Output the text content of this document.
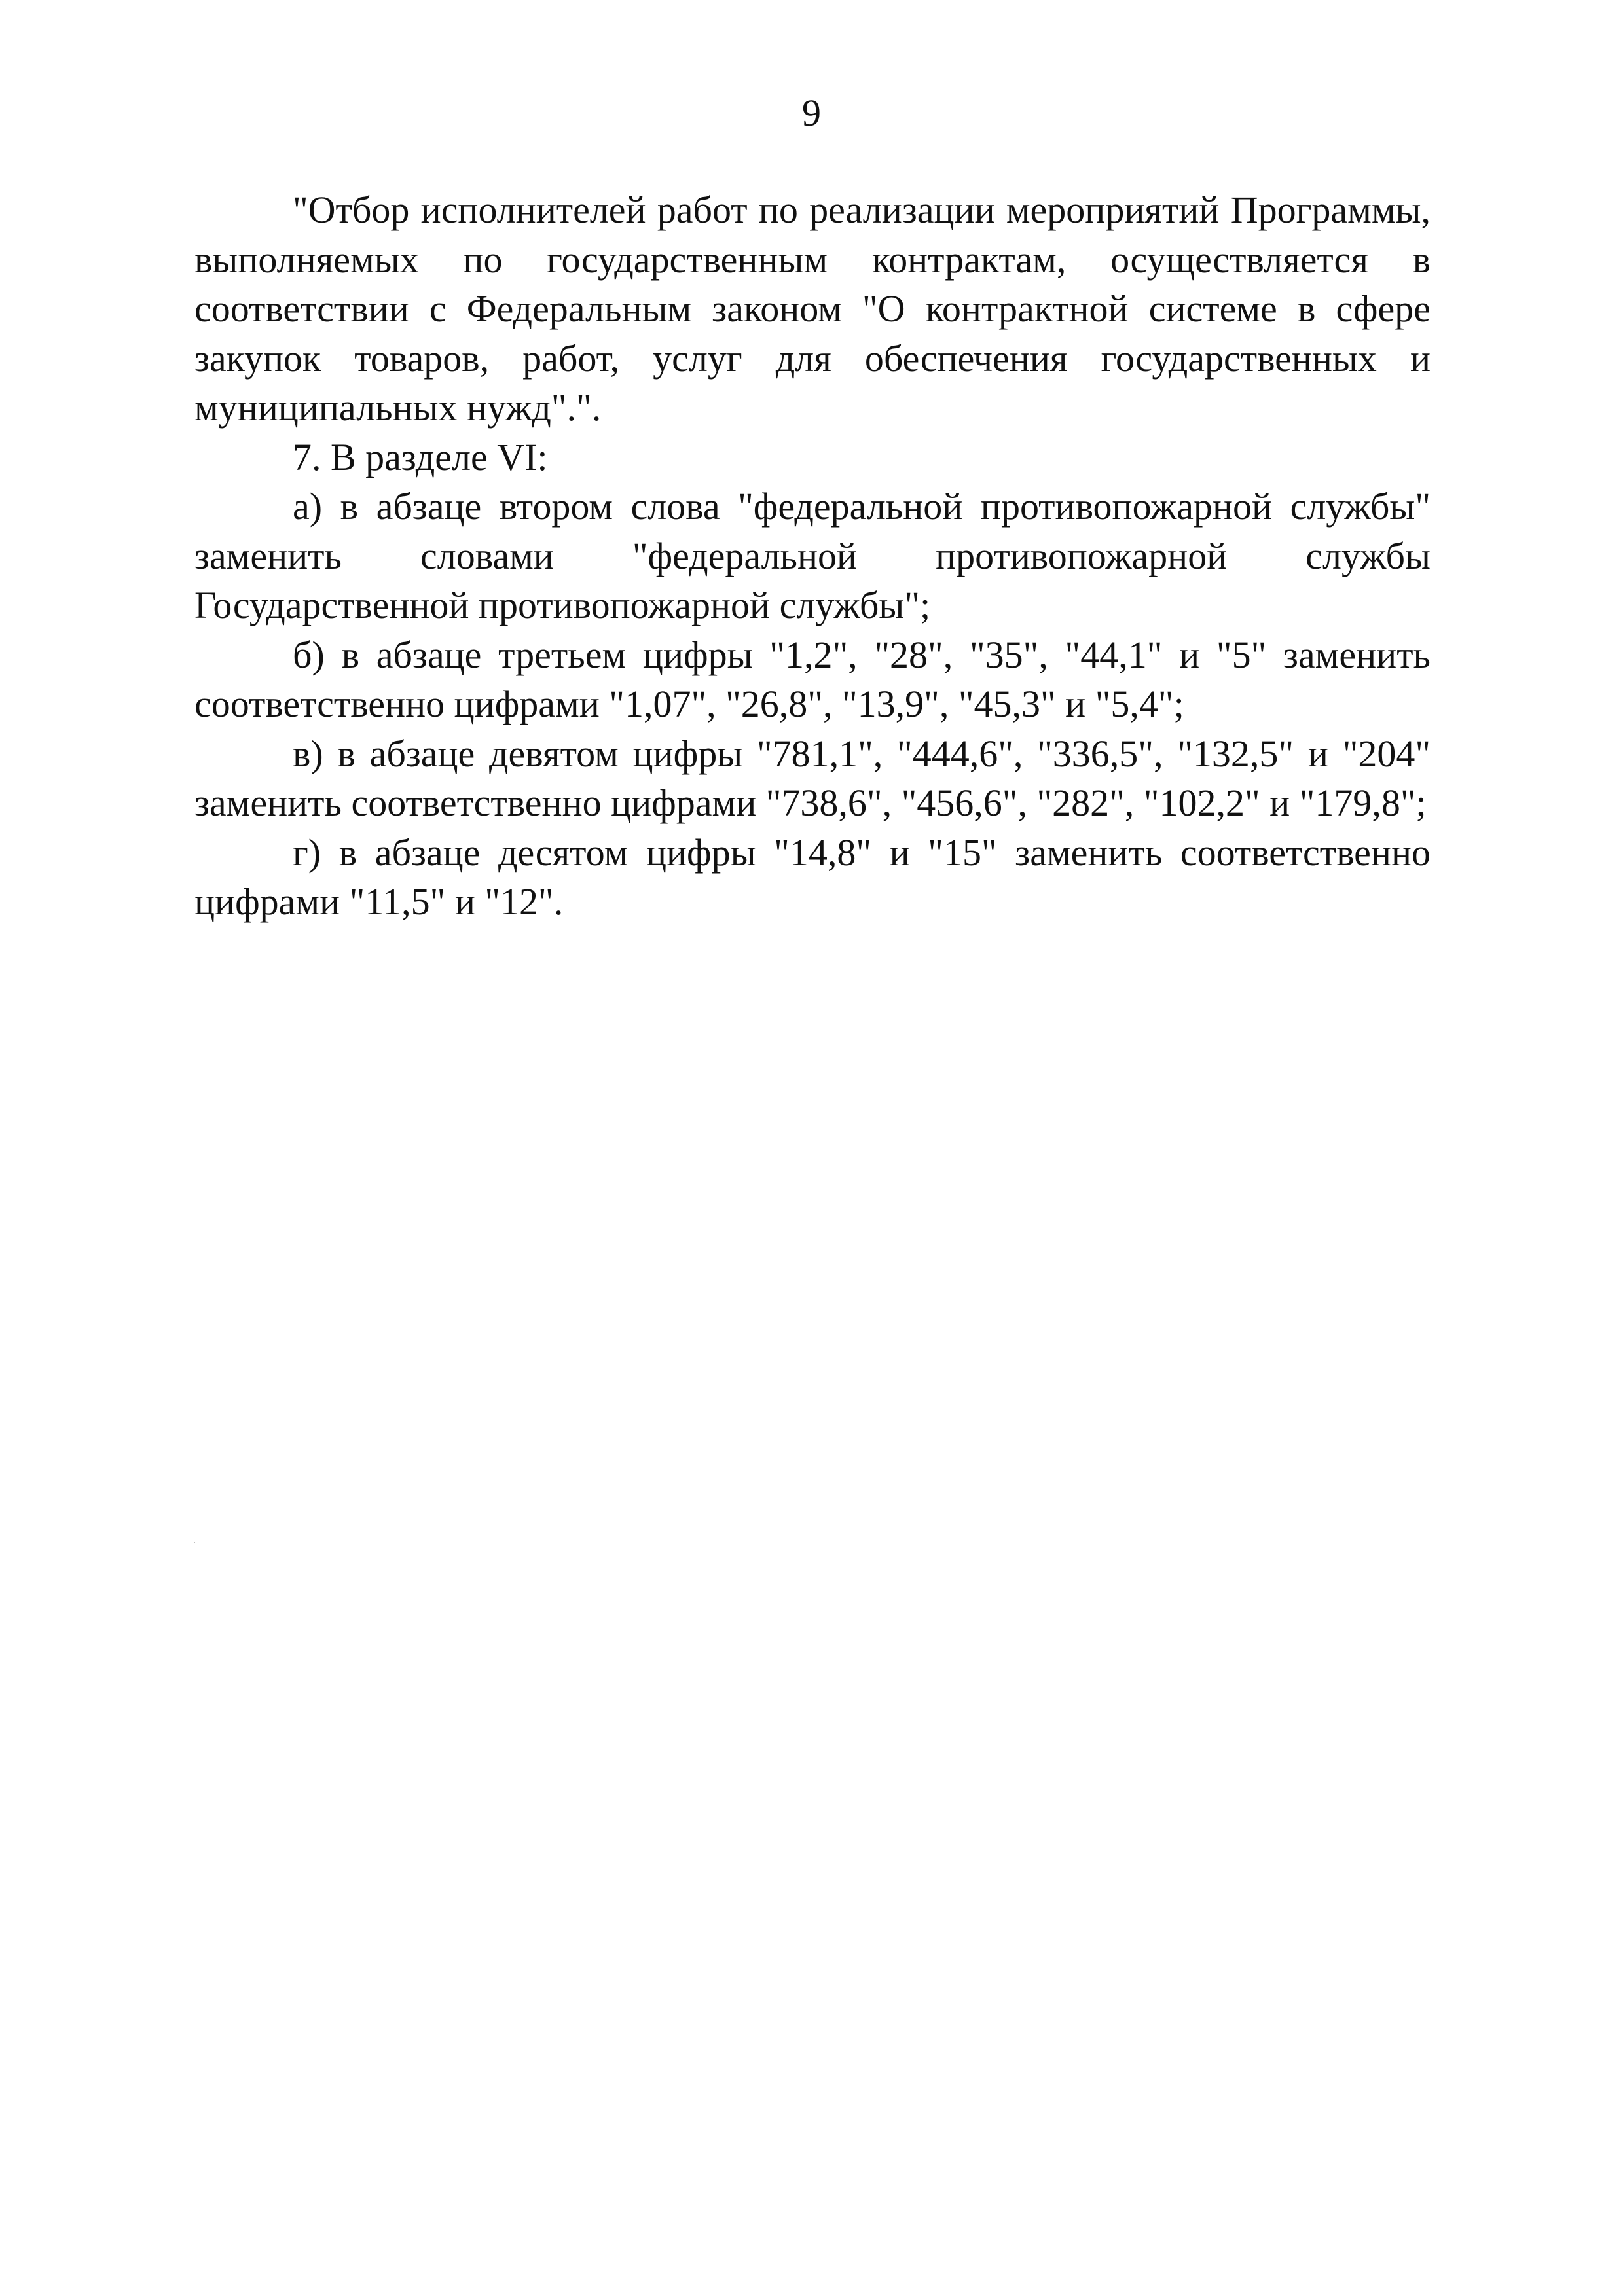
9

"Отбор исполнителей работ по реализации мероприятий Программы, выполняемых по государственным контрактам, осуществляется в соответствии с Федеральным законом "О контрактной системе в сфере закупок товаров, работ, услуг для обеспечения государственных и муниципальных нужд".".

7. В разделе VI:

а) в абзаце втором слова "федеральной противопожарной службы" заменить словами "федеральной противопожарной службы Государственной противопожарной службы";

б) в абзаце третьем цифры "1,2", "28", "35", "44,1" и "5" заменить соответственно цифрами "1,07", "26,8", "13,9", "45,3" и "5,4";

в) в абзаце девятом цифры "781,1", "444,6", "336,5", "132,5" и "204" заменить соответственно цифрами "738,6", "456,6", "282", "102,2" и "179,8";

г) в абзаце десятом цифры "14,8" и "15" заменить соответственно цифрами "11,5" и "12".
